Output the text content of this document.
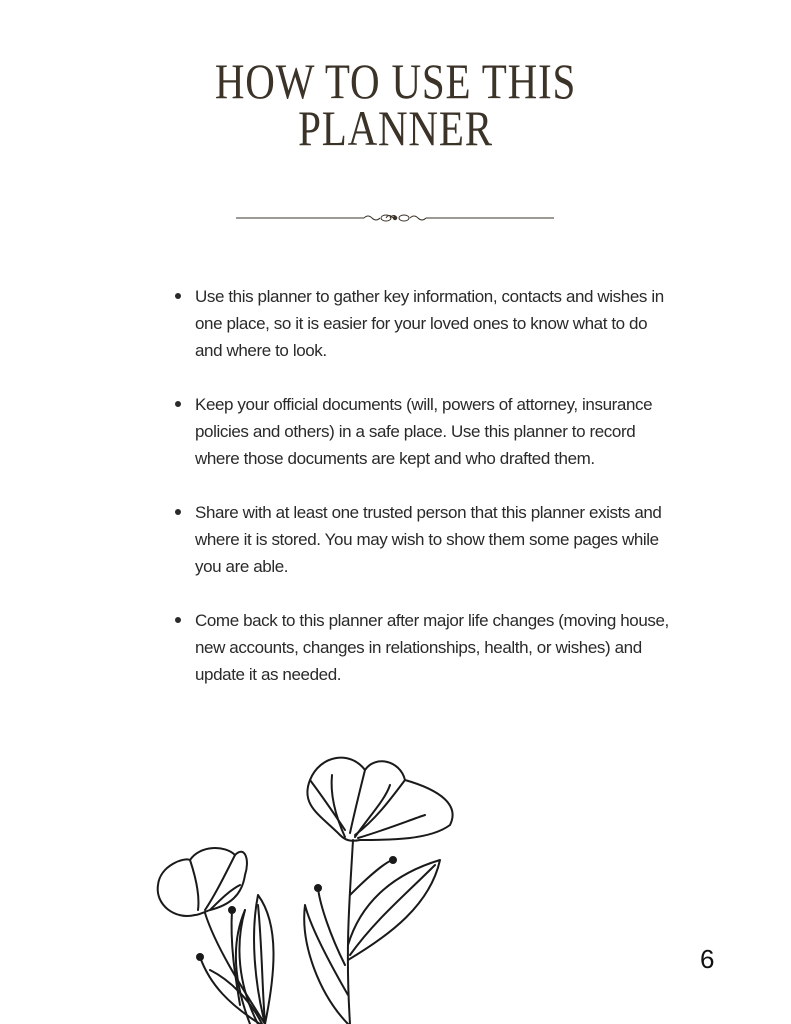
HOW TO USE THIS
PLANNER
Use this planner to gather key information, contacts and wishes in one place, so it is easier for your loved ones to know what to do and where to look.
Keep your official documents (will, powers of attorney, insurance policies and others) in a safe place. Use this planner to record where those documents are kept and who drafted them.
Share with at least one trusted person that this planner exists and where it is stored. You may wish to show them some pages while you are able.
Come back to this planner after major life changes (moving house, new accounts, changes in relationships, health, or wishes) and update it as needed.
6
